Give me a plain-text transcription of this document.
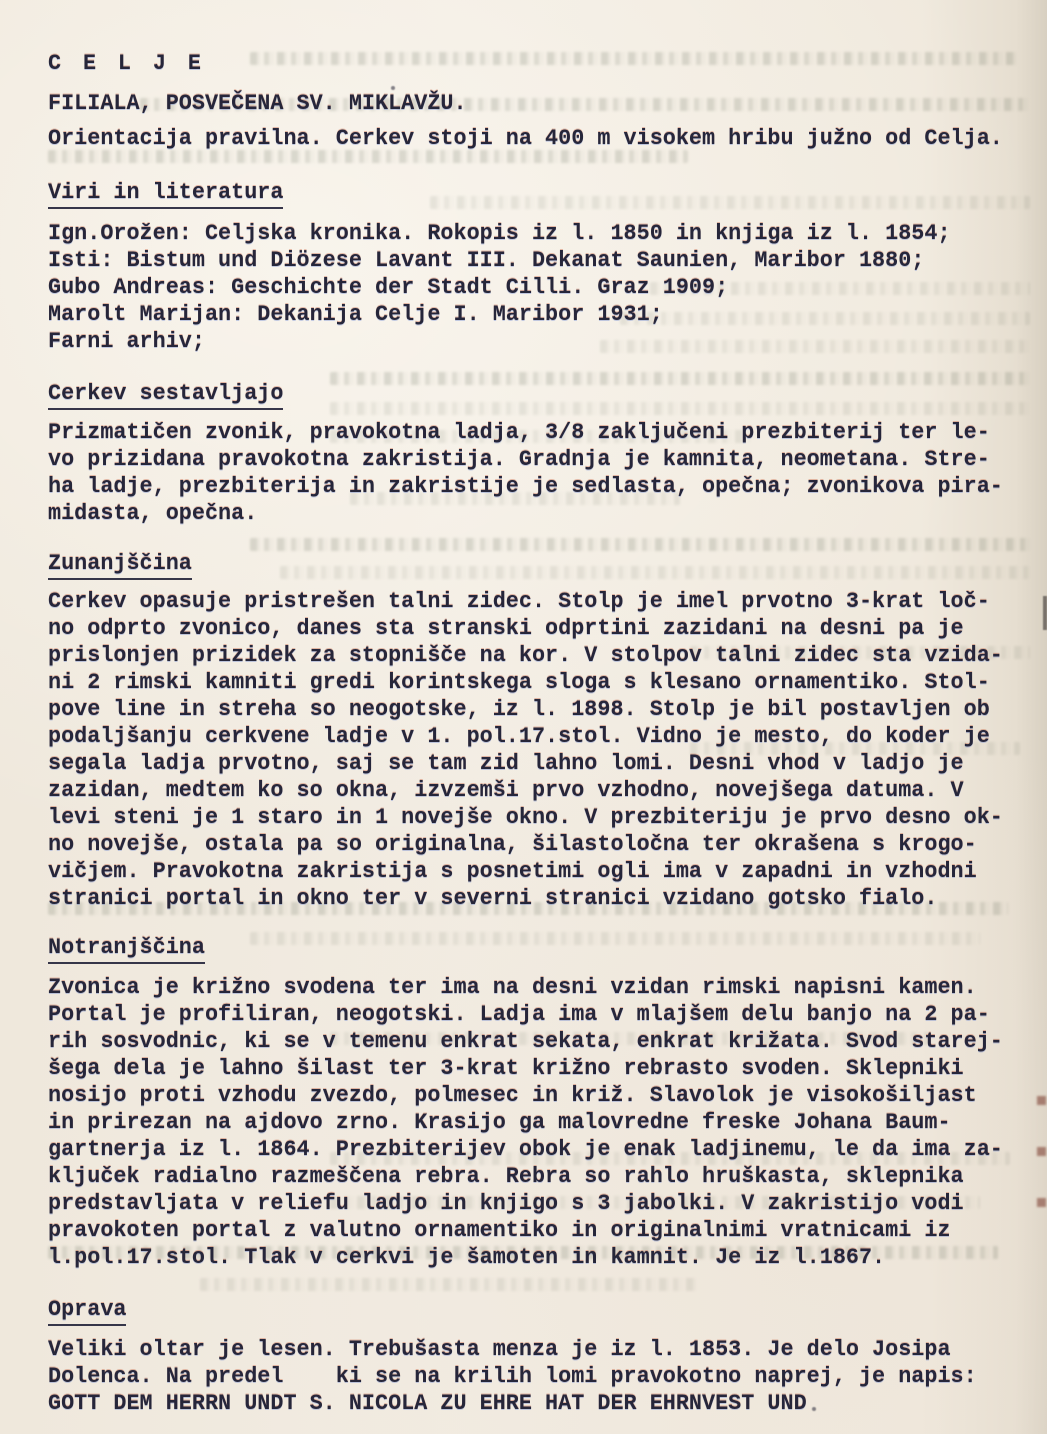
C E L J E

FILIALA, POSVEČENA SV. MIKLAVŽU.

Orientacija pravilna. Cerkev stoji na 400 m visokem hribu južno od Celja.

Viri in literatura

Ign.Orožen: Celjska kronika. Rokopis iz l. 1850 in knjiga iz l. 1854;

Isti: Bistum und Diözese Lavant III. Dekanat Saunien, Maribor 1880;

Gubo Andreas: Geschichte der Stadt Cilli. Graz 1909;

Marolt Marijan: Dekanija Celje I. Maribor 1931;

Farni arhiv;

Cerkev sestavljajo

Prizmatičen zvonik, pravokotna ladja, 3/8 zaključeni prezbiterij ter le-

vo prizidana pravokotna zakristija. Gradnja je kamnita, neometana. Stre-

ha ladje, prezbiterija in zakristije je sedlasta, opečna; zvonikova pira-

midasta, opečna.

Zunanjščina

Cerkev opasuje pristrešen talni zidec. Stolp je imel prvotno 3-krat loč-

no odprto zvonico, danes sta stranski odprtini zazidani na desni pa je

prislonjen prizidek za stopnišče na kor. V stolpov talni zidec sta vzida-

ni 2 rimski kamniti gredi korintskega sloga s klesano ornamentiko. Stol-

pove line in streha so neogotske, iz l. 1898. Stolp je bil postavljen ob

podaljšanju cerkvene ladje v 1. pol.17.stol. Vidno je mesto, do koder je

segala ladja prvotno, saj se tam zid lahno lomi. Desni vhod v ladjo je

zazidan, medtem ko so okna, izvzemši prvo vzhodno, novejšega datuma. V

levi steni je 1 staro in 1 novejše okno. V prezbiteriju je prvo desno ok-

no novejše, ostala pa so originalna, šilastoločna ter okrašena s krogo-

vičjem. Pravokotna zakristija s posnetimi ogli ima v zapadni in vzhodni

stranici portal in okno ter v severni stranici vzidano gotsko fialo.

Notranjščina

Zvonica je križno svodena ter ima na desni vzidan rimski napisni kamen.

Portal je profiliran, neogotski. Ladja ima v mlajšem delu banjo na 2 pa-

rih sosvodnic, ki se v temenu enkrat sekata, enkrat križata. Svod starej-

šega dela je lahno šilast ter 3-krat križno rebrasto svoden. Sklepniki

nosijo proti vzhodu zvezdo, polmesec in križ. Slavolok je visokošiljast

in prirezan na ajdovo zrno. Krasijo ga malovredne freske Johana Baum-

gartnerja iz l. 1864. Prezbiterijev obok je enak ladjinemu, le da ima za-

ključek radialno razmeščena rebra. Rebra so rahlo hruškasta, sklepnika

predstavljata v reliefu ladjo in knjigo s 3 jabolki. V zakristijo vodi

pravokoten portal z valutno ornamentiko in originalnimi vratnicami iz

l.pol.17.stol. Tlak v cerkvi je šamoten in kamnit. Je iz l.1867.

Oprava

Veliki oltar je lesen. Trebušasta menza je iz l. 1853. Je delo Josipa

Dolenca. Na predel    ki se na krilih lomi pravokotno naprej, je napis:

GOTT DEM HERRN UNDT S. NICOLA ZU EHRE HAT DER EHRNVEST UND
